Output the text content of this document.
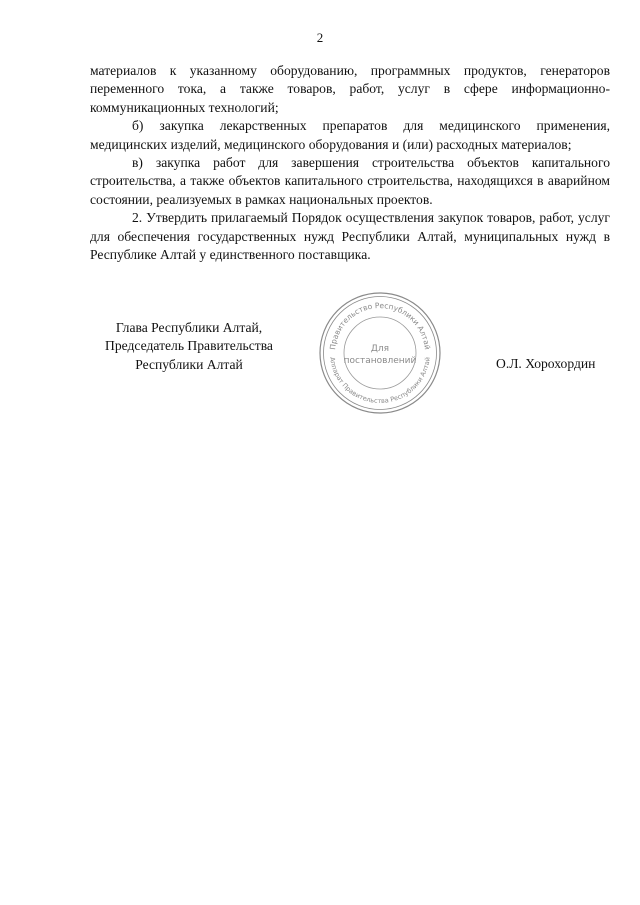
2

материалов к указанному оборудованию, программных продуктов, генераторов переменного тока, а также товаров, работ, услуг в сфере информационно-коммуникационных технологий;

б) закупка лекарственных препаратов для медицинского применения, медицинских изделий, медицинского оборудования и (или) расходных материалов;

в) закупка работ для завершения строительства объектов капитального строительства, а также объектов капитального строительства, находящихся в аварийном состоянии, реализуемых в рамках национальных проектов.

2. Утвердить прилагаемый Порядок осуществления закупок товаров, работ, услуг для обеспечения государственных нужд Республики Алтай, муниципальных нужд в Республике Алтай у единственного поставщика.

Глава Республики Алтай,
Председатель Правительства
Республики Алтай
Правительство Республики Алтай
Аппарат Правительства Республики Алтай
Для
постановлений	О.Л. Хорохордин
